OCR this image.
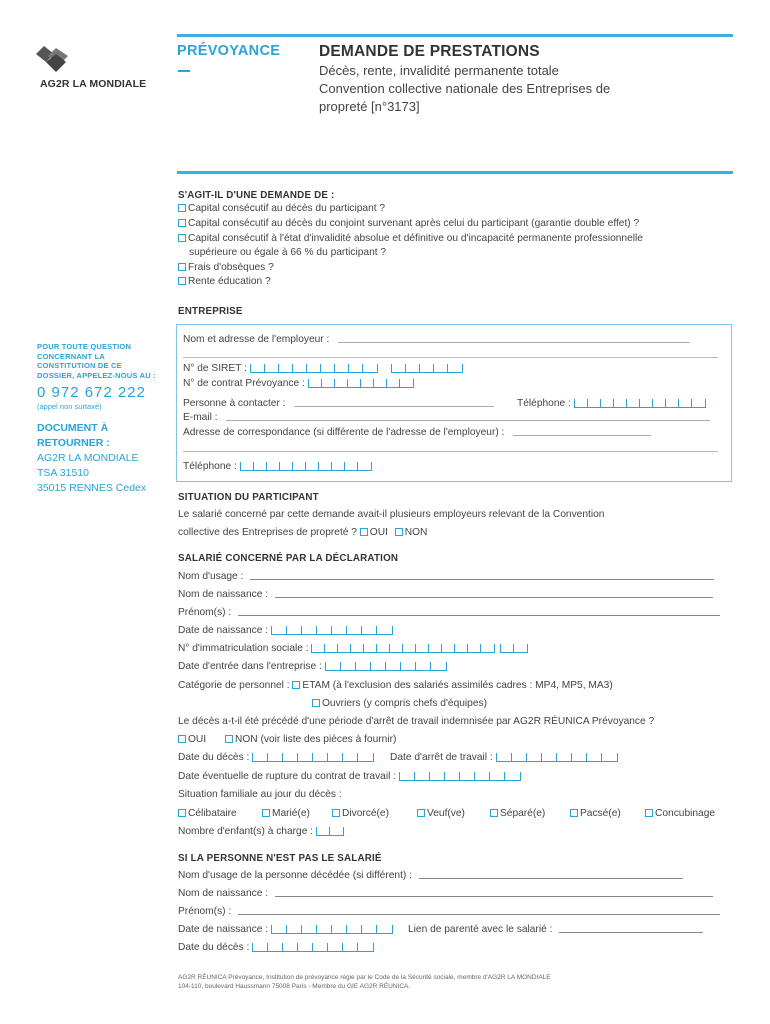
AG2R LA MONDIALE
PRÉVOYANCE	DEMANDE DE PRESTATIONS
Décès, rente, invalidité permanente totale
Convention collective nationale des Entreprises de
propreté [n°3173]
S'AGIT-IL D'UNE DEMANDE DE :
Capital consécutif au décès du participant ?
Capital consécutif au décès du conjoint survenant après celui du participant (garantie double effet) ?
Capital consécutif à l'état d'invalidité absolue et définitive ou d'incapacité permanente professionnelle
supérieure ou égale à 66 % du participant ?
Frais d'obsèques ?
Rente éducation ?
POUR TOUTE QUESTION
CONCERNANT LA
CONSTITUTION DE CE
DOSSIER, APPELEZ-NOUS AU :
0 972 672 222
(appel non surtaxé)
DOCUMENT À
RETOURNER :
AG2R LA MONDIALE
TSA 31510
35015 RENNES Cedex
ENTREPRISE
Nom et adresse de l'employeur :
N° de SIRET :
N° de contrat Prévoyance :
Personne à contacter :	Téléphone :
E-mail :
Adresse de correspondance (si différente de l'adresse de l'employeur) :
Téléphone :
SITUATION DU PARTICIPANT
Le salarié concerné par cette demande avait-il plusieurs employeurs relevant de la Convention
collective des Entreprises de propreté ? OUI NON
SALARIÉ CONCERNÉ PAR LA DÉCLARATION
Nom d'usage :
Nom de naissance :
Prénom(s) :
Date de naissance :
N° d'immatriculation sociale :
Date d'entrée dans l'entreprise :
Catégorie de personnel : ETAM (à l'exclusion des salariés assimilés cadres : MP4, MP5, MA3)
Ouvriers (y compris chefs d'équipes)
Le décès a-t-il été précédé d'une période d'arrêt de travail indemnisée par AG2R RÉUNICA Prévoyance ?
OUI	NON (voir liste des pièces à fournir)
Date du décès :	Date d'arrêt de travail :
Date éventuelle de rupture du contrat de travail :
Situation familiale au jour du décès :
Célibataire	Marié(e)	Divorcé(e)	Veuf(ve)	Séparé(e)	Pacsé(e)	Concubinage
Nombre d'enfant(s) à charge :
SI LA PERSONNE N'EST PAS LE SALARIÉ
Nom d'usage de la personne décédée (si différent) :
Nom de naissance :
Prénom(s) :
Date de naissance :	Lien de parenté avec le salarié :
Date du décès :
AG2R RÉUNICA Prévoyance, Institution de prévoyance régie par le Code de la Sécurité sociale, membre d'AG2R LA MONDIALE
104-110, boulevard Haussmann 75008 Paris - Membre du GIE AG2R RÉUNICA.
